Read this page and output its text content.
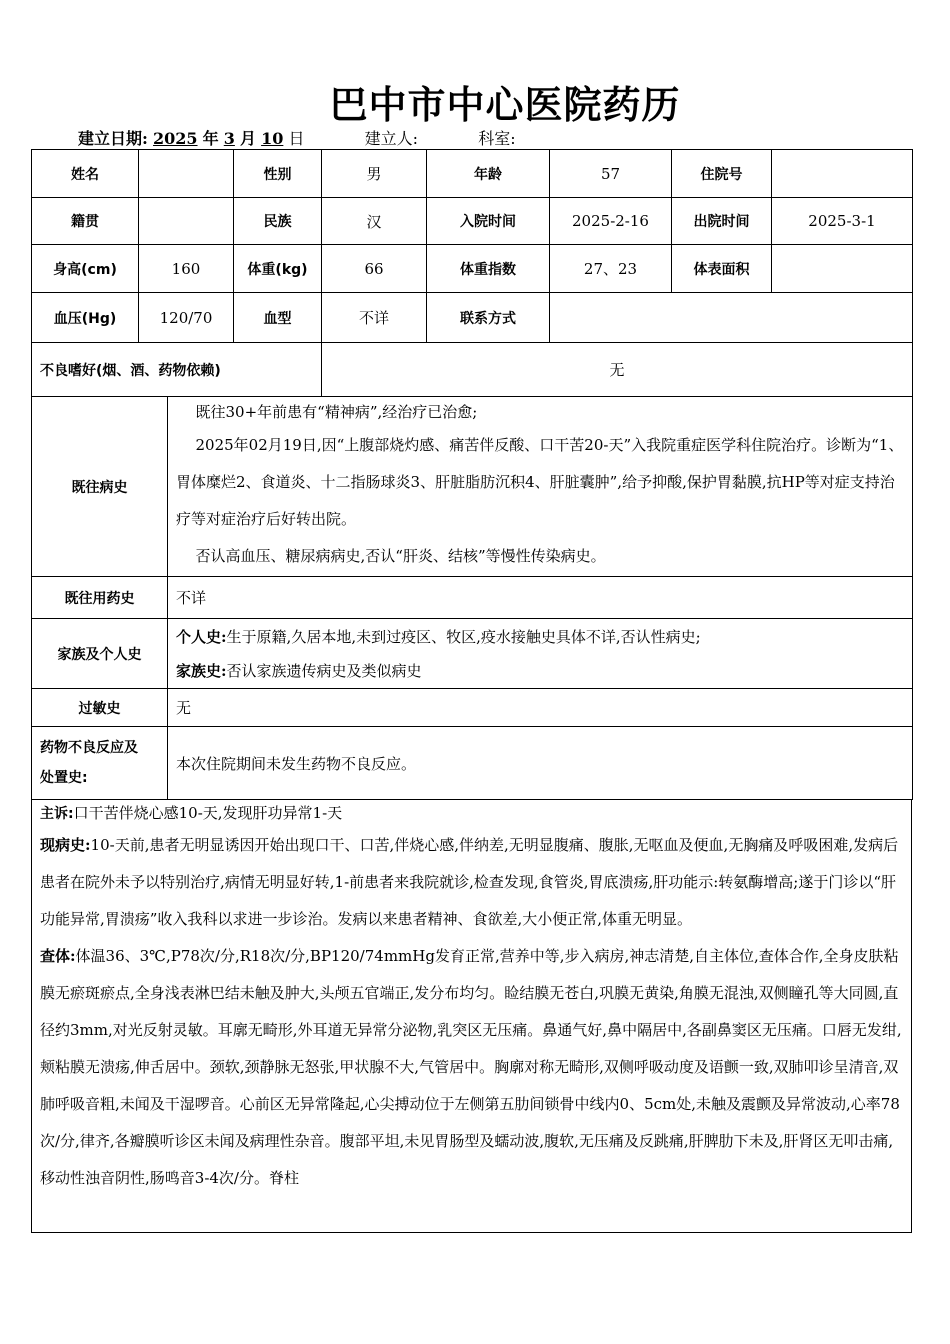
巴中市中心医院药历
建立日期: 2025 年 3 月 10 日	建立人:	科室:
姓名		性别	男	年龄	57	住院号	
籍贯		民族	汉	入院时间	2025-2-16	出院时间	2025-3-1
身高(cm)	160	体重(kg)	66	体重指数	27、23	体表面积	
血压(Hg)	120/70	血型	不详	联系方式			
不良嗜好(烟、酒、药物依赖)			无				
既往病史	既往30+年前患有“精神病”,经治疗已治愈;
2025年02月19日,因“上腹部烧灼感、痛苦伴反酸、口干苦20-天”入我院重症医学科住院治疗。诊断为“1、胃体糜烂2、食道炎、十二指肠球炎3、肝脏脂肪沉积4、肝脏囊肿”,给予抑酸,保护胃黏膜,抗HP等对症支持治疗等对症治疗后好转出院。
否认高血压、糖尿病病史,否认“肝炎、结核”等慢性传染病史。

既往用药史	不详
家族及个人史	个人史:生于原籍,久居本地,未到过疫区、牧区,疫水接触史具体不详,否认性病史;
家族史:否认家族遗传病史及类似病史

过敏史	无

药物不良反应及
处置史:	本次住院期间未发生药物不良反应。
主诉:口干苦伴烧心感10-天,发现肝功异常1-天
现病史:10-天前,患者无明显诱因开始出现口干、口苦,伴烧心感,伴纳差,无明显腹痛、腹胀,无呕血及便血,无胸痛及呼吸困难,发病后患者在院外未予以特别治疗,病情无明显好转,1-前患者来我院就诊,检查发现,食管炎,胃底溃疡,肝功能示:转氨酶增高;遂于门诊以“肝功能异常,胃溃疡”收入我科以求进一步诊治。发病以来患者精神、食欲差,大小便正常,体重无明显。
查体:体温36、3℃,P78次/分,R18次/分,BP120/74mmHg发育正常,营养中等,步入病房,神志清楚,自主体位,查体合作,全身皮肤粘膜无瘀斑瘀点,全身浅表淋巴结未触及肿大,头颅五官端正,发分布均匀。睑结膜无苍白,巩膜无黄染,角膜无混浊,双侧瞳孔等大同圆,直径约3mm,对光反射灵敏。耳廓无畸形,外耳道无异常分泌物,乳突区无压痛。鼻通气好,鼻中隔居中,各副鼻窦区无压痛。口唇无发绀,颊粘膜无溃疡,伸舌居中。颈软,颈静脉无怒张,甲状腺不大,气管居中。胸廓对称无畸形,双侧呼吸动度及语颤一致,双肺叩诊呈清音,双肺呼吸音粗,未闻及干湿啰音。心前区无异常隆起,心尖搏动位于左侧第五肋间锁骨中线内0、5cm处,未触及震颤及异常波动,心率78次/分,律齐,各瓣膜听诊区未闻及病理性杂音。腹部平坦,未见胃肠型及蠕动波,腹软,无压痛及反跳痛,肝脾肋下未及,肝肾区无叩击痛,移动性浊音阴性,肠鸣音3-4次/分。脊柱
